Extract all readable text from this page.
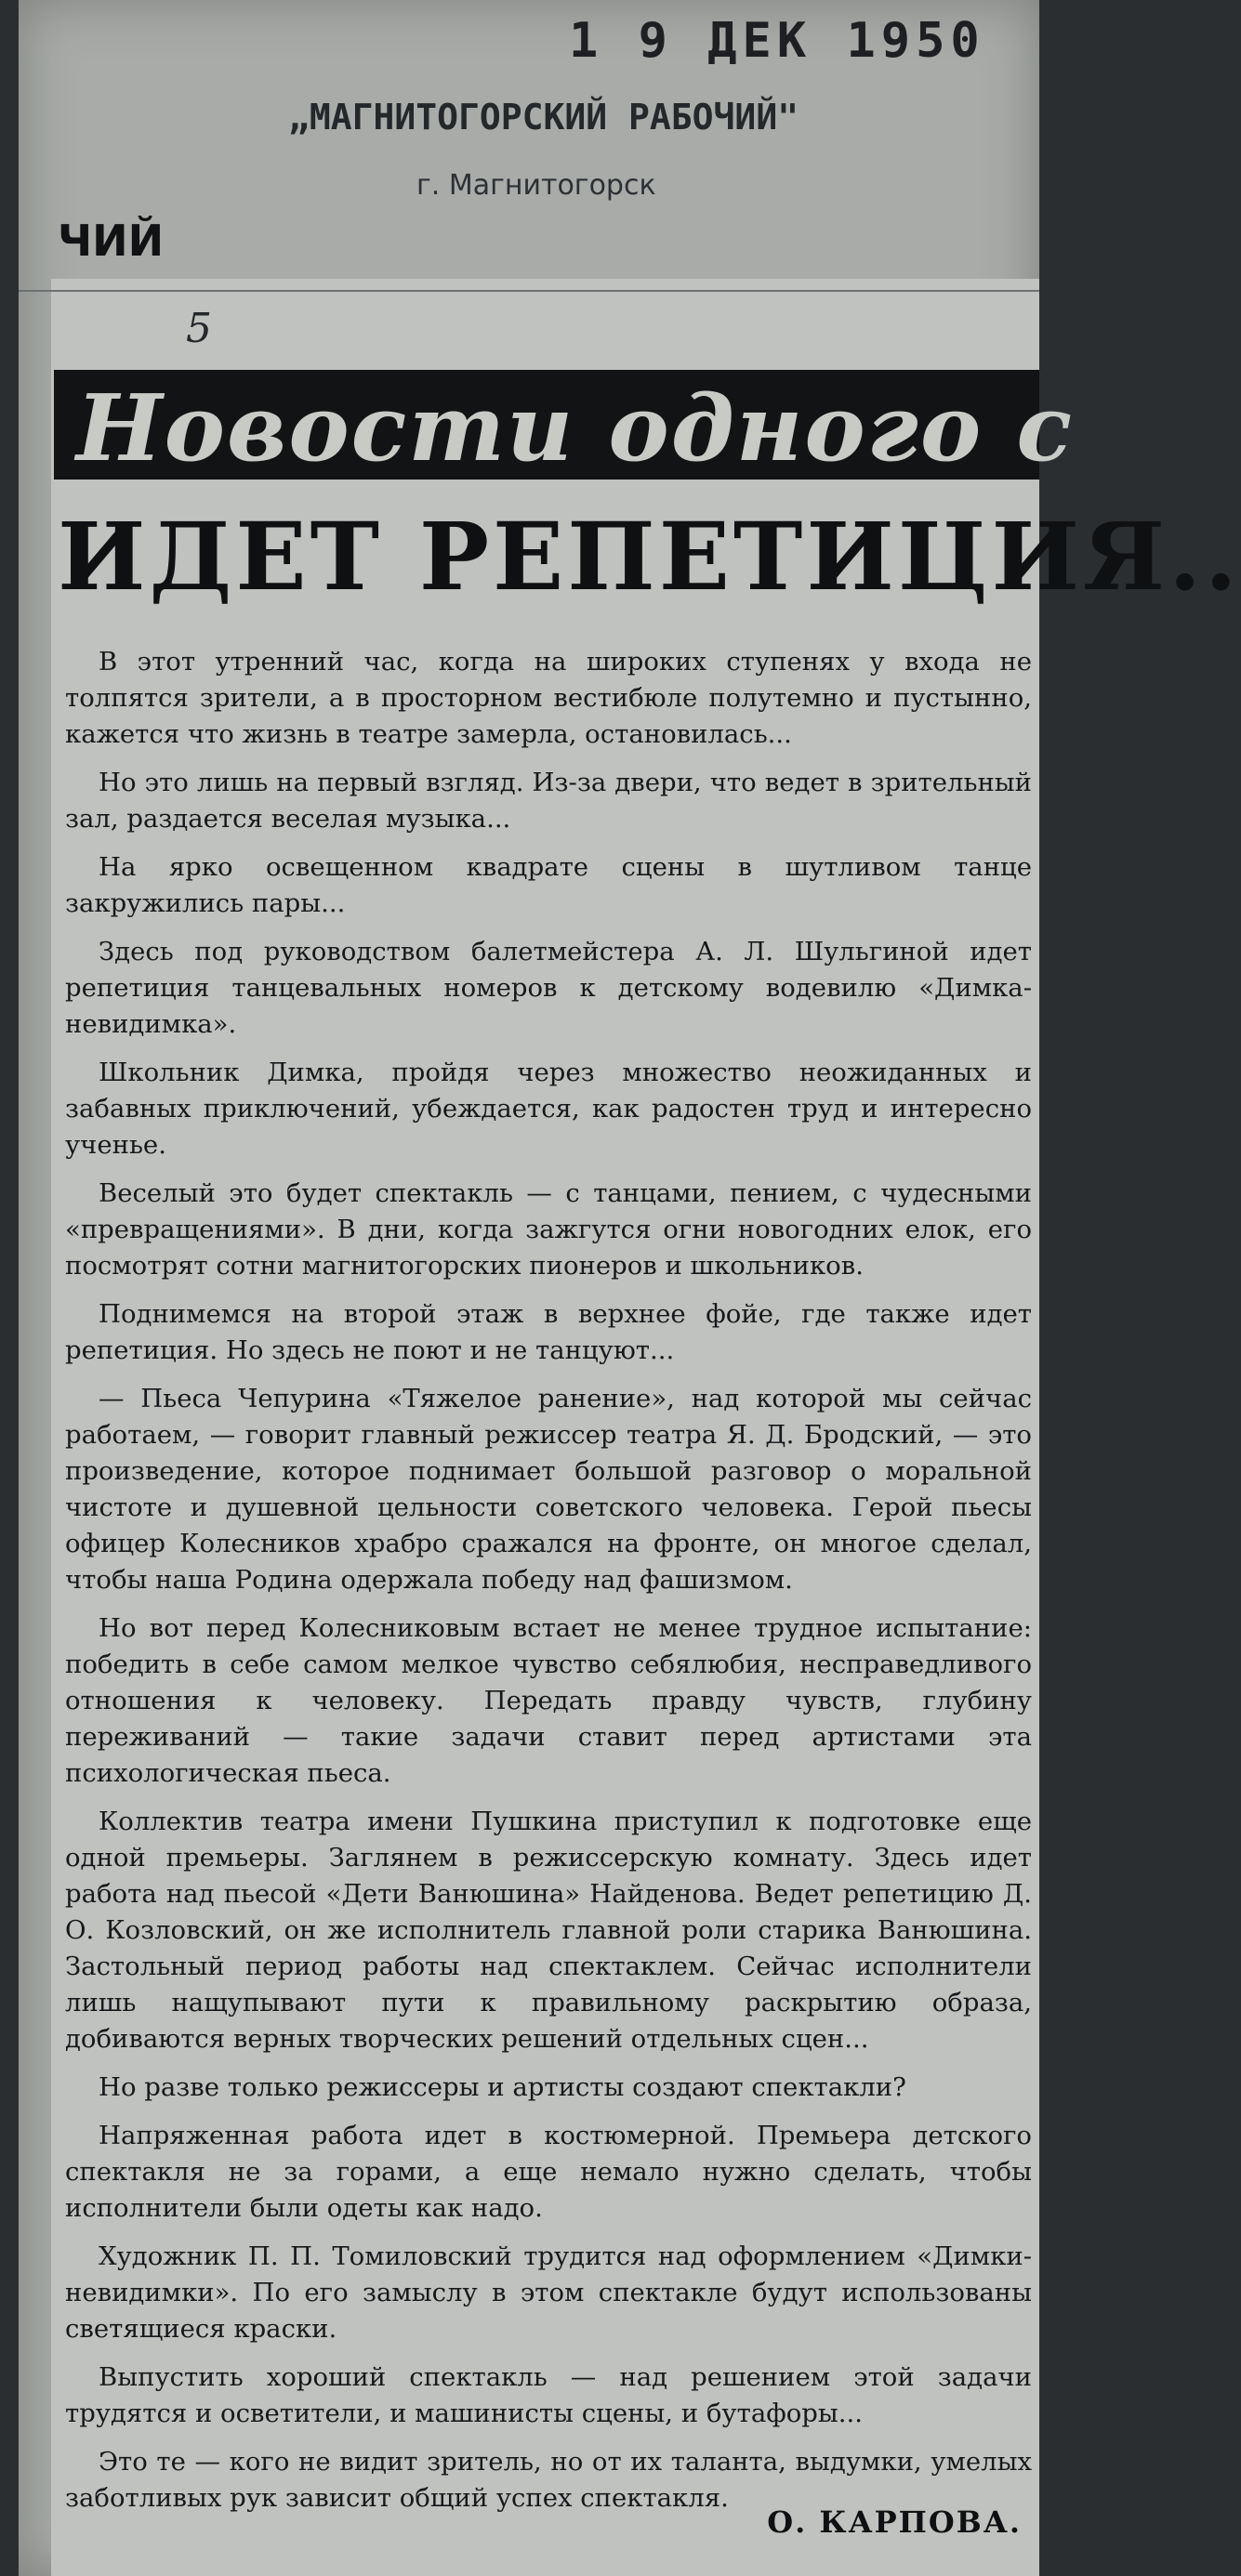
1 9 ДЕК 1950
„МАГНИТОГОРСКИЙ РАБОЧИЙ"
г. Магнитогорск
ЧИЙ
5
Новости одного с
ИДЕТ РЕПЕТИЦИЯ..

В этот утренний час, когда на широких ступенях у входа не толпятся зрители, а в просторном вестибюле полутемно и пустынно, кажется что жизнь в театре замерла, остановилась...

Но это лишь на первый взгляд. Из-за двери, что ведет в зрительный зал, раздается веселая музыка...

На ярко освещенном квадрате сцены в шутливом танце закружились пары...

Здесь под руководством балетмейстера А. Л. Шульгиной идет репетиция танцевальных номеров к детскому водевилю «Димка-невидимка».

Школьник Димка, пройдя через множество неожиданных и забавных приключений, убеждается, как радостен труд и интересно ученье.

Веселый это будет спектакль — с танцами, пением, с чудесными «превращениями». В дни, когда зажгутся огни новогодних елок, его посмотрят сотни магнитогорских пионеров и школьников.

Поднимемся на второй этаж в верхнее фойе, где также идет репетиция. Но здесь не поют и не танцуют...

— Пьеса Чепурина «Тяжелое ранение», над которой мы сейчас работаем, — говорит главный режиссер театра Я. Д. Бродский, — это произведение, которое поднимает большой разговор о моральной чистоте и душевной цельности советского человека. Герой пьесы офицер Колесников храбро сражался на фронте, он многое сделал, чтобы наша Родина одержала победу над фашизмом.

Но вот перед Колесниковым встает не менее трудное испытание: победить в себе самом мелкое чувство себялюбия, несправедливого отношения к человеку. Передать правду чувств, глубину переживаний — такие задачи ставит перед артистами эта психологическая пьеса.

Коллектив театра имени Пушкина приступил к подготовке еще одной премьеры. Заглянем в режиссерскую комнату. Здесь идет работа над пьесой «Дети Ванюшина» Найденова. Ведет репетицию Д. О. Козловский, он же исполнитель главной роли старика Ванюшина. Застольный период работы над спектаклем. Сейчас исполнители лишь нащупывают пути к правильному раскрытию образа, добиваются верных творческих решений отдельных сцен...

Но разве только режиссеры и артисты создают спектакли?

Напряженная работа идет в костюмерной. Премьера детского спектакля не за горами, а еще немало нужно сделать, чтобы исполнители были одеты как надо.

Художник П. П. Томиловский трудится над оформлением «Димки-невидимки». По его замыслу в этом спектакле будут использованы светящиеся краски.

Выпустить хороший спектакль — над решением этой задачи трудятся и осветители, и машинисты сцены, и бутафоры...

Это те — кого не видит зритель, но от их таланта, выдумки, умелых заботливых рук зависит общий успех спектакля.

О. КАРПОВА.
